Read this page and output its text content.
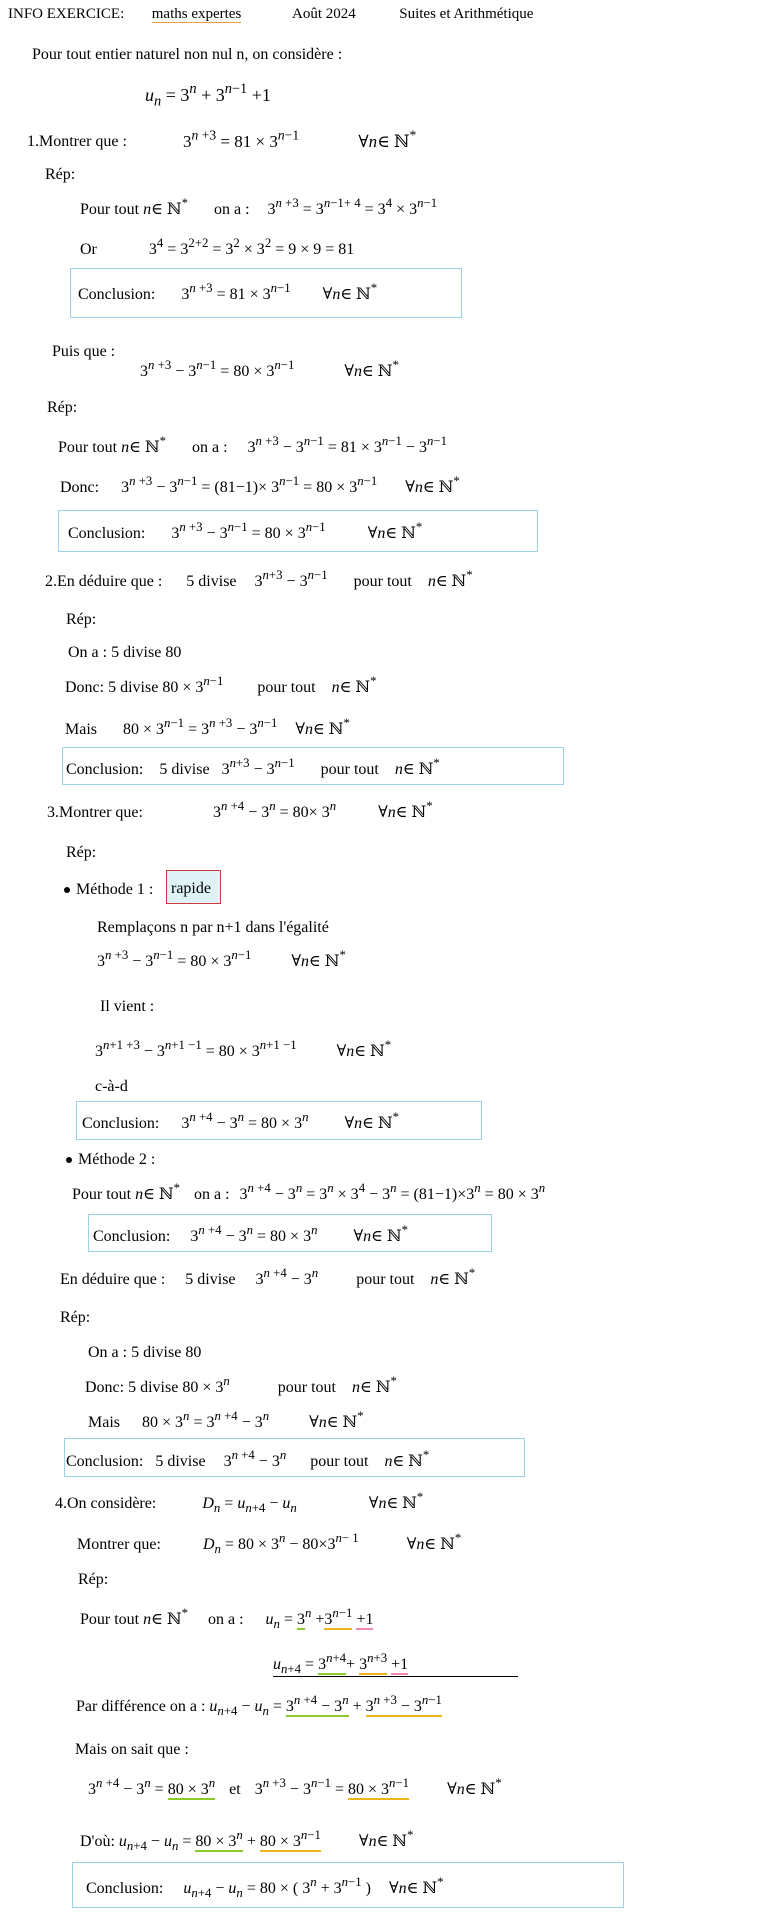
INFO EXERCICE: maths expertes	Août 2024	Suites et Arithmétique
Pour tout entier naturel non nul n, on considère :
$u_n = 3^n + 3^{n-1} +1$
1.Montrer que :	$3^{n +3} = 81 \times 3^{n-1}$	∀n∈ ℕ*
Rép:
Pour tout n∈ ℕ* on a : $3^{n +3} = 3^{n-1+ 4} = 3^4 \times 3^{n-1}$
Or	$3^4 = 3^{2+2} = 3^2 \times 3^2 = 9 \times 9 = 81$
Conclusion: $3^{n +3} = 81 \times 3^{n-1}$ ∀n∈ ℕ*
Puis que :
$3^{n +3} - 3^{n-1} = 80 \times 3^{n-1}$	∀n∈ ℕ*
Rép:
Pour tout n∈ ℕ* on a : $3^{n +3} - 3^{n-1} = 81 \times 3^{n-1} - 3^{n-1}$
Donc: $3^{n +3} - 3^{n-1} = (81-1)\times 3^{n-1} = 80 \times 3^{n-1}$ ∀n∈ ℕ*
Conclusion: $3^{n +3} - 3^{n-1} = 80 \times 3^{n-1}$	∀n∈ ℕ*
2.En déduire que : 5 divise $3^{n+3} - 3^{n-1}$ pour tout n∈ ℕ*
Rép:
On a : 5 divise 80
Donc: 5 divise $80 \times 3^{n-1}$ pour tout n∈ ℕ*
Mais $80 \times 3^{n-1} = 3^{n +3} - 3^{n-1}$ ∀n∈ ℕ*
Conclusion: 5 divise $3^{n+3} - 3^{n-1}$ pour tout n∈ ℕ*
3.Montrer que:	$3^{n +4} - 3^n = 80\times 3^n$	∀n∈ ℕ*
Rép:
Méthode 1 : rapide
Remplaçons n par n+1 dans l'égalité
$3^{n +3} - 3^{n-1} = 80 \times 3^{n-1}$	∀n∈ ℕ*
Il vient :
$3^{n+1 +3} - 3^{n+1 -1} = 80 \times 3^{n+1 -1}$	∀n∈ ℕ*
c-à-d
Conclusion: $3^{n +4} - 3^n = 80 \times 3^n$ ∀n∈ ℕ*
Méthode 2 :
Pour tout n∈ ℕ* on a : $3^{n +4} - 3^n = 3^n \times 3^4 - 3^n = (81-1)\times 3^n = 80 \times 3^n$
Conclusion: $3^{n +4} - 3^n = 80 \times 3^n$ ∀n∈ ℕ*
En déduire que : 5 divise $3^{n +4} - 3^n$ pour tout n∈ ℕ*
Rép:
On a : 5 divise 80
Donc: 5 divise $80 \times 3^n$	pour tout n∈ ℕ*
Mais $80 \times 3^n = 3^{n +4} - 3^n$	∀n∈ ℕ*
Conclusion: 5 divise $3^{n +4} - 3^n$ pour tout n∈ ℕ*
4.On considère:	$D_n = u_{n+4} - u_n$	∀n∈ ℕ*
Montrer que:	$D_n = 80 \times 3^n - 80\times 3^{n- 1}$	∀n∈ ℕ*
Rép:
Pour tout n∈ ℕ* on a : $u_n = 3^n +3^{n-1} +1$
$u_{n+4} = 3^{n+4}+ 3^{n+3} +1$
Par différence on a : $u_{n+4} - u_n = 3^{n +4} - 3^n + 3^{n +3} - 3^{n-1}$
Mais on sait que :
$3^{n +4} - 3^n = 80 \times 3^n$ et $3^{n +3} - 3^{n-1} = 80 \times 3^{n-1}$ ∀n∈ ℕ*
D'où: $u_{n+4} - u_n = 80 \times 3^n + 80 \times 3^{n-1}$ ∀n∈ ℕ*
Conclusion: $u_{n+4} - u_n = 80$ × ( $3^n + 3^{n-1}$ ) ∀n∈ ℕ*
